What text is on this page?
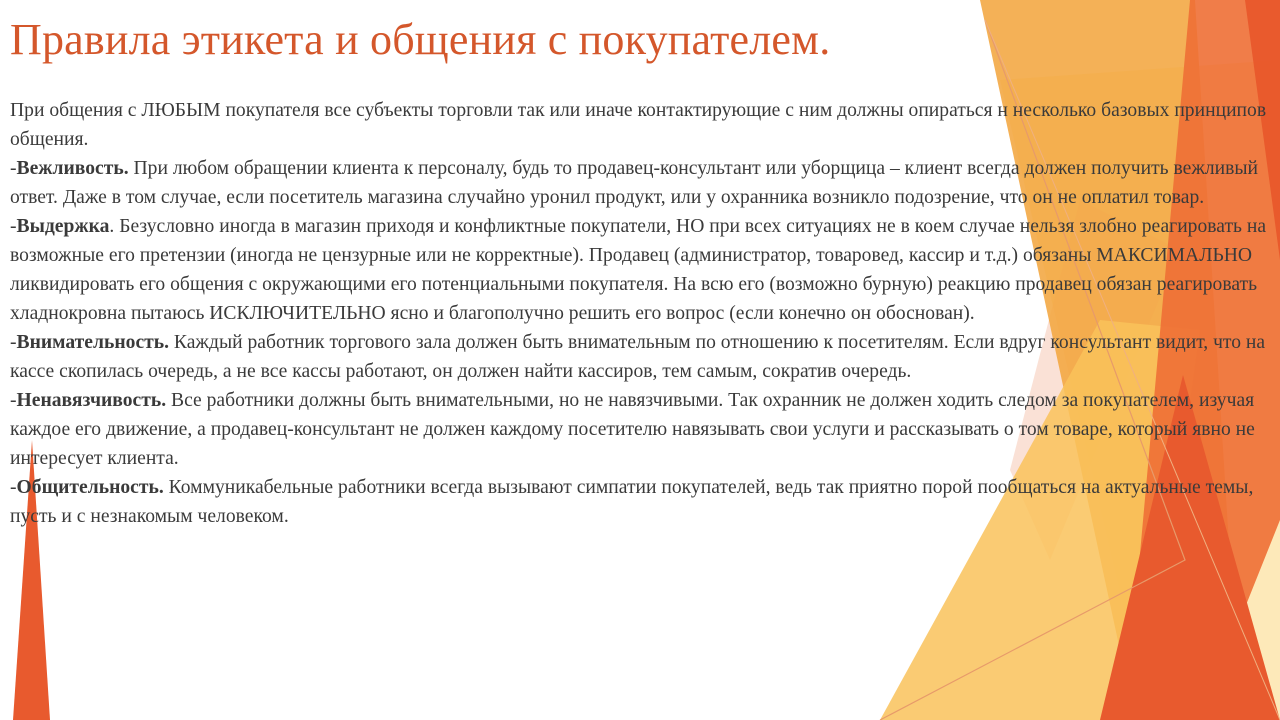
Правила этикета и общения с покупателем.

При общения с ЛЮБЫМ покупателя все субъекты торговли так или иначе контактирующие с ним должны опираться н несколько базовых принципов общения.

-Вежливость. При любом обращении клиента к персоналу, будь то продавец-консультант или уборщица – клиент всегда должен получить вежливый ответ. Даже в том случае, если посетитель магазина случайно уронил продукт, или у охранника возникло подозрение, что он не оплатил товар.

-Выдержка. Безусловно иногда в магазин приходя и конфликтные покупатели, НО при всех ситуациях не в коем случае нельзя злобно реагировать на возможные его претензии (иногда не цензурные или не корректные). Продавец (администратор, товаровед, кассир и т.д.) обязаны МАКСИМАЛЬНО ликвидировать его общения с окружающими его потенциальными покупателя. На всю его (возможно бурную) реакцию продавец обязан реагировать хладнокровна пытаюсь ИСКЛЮЧИТЕЛЬНО ясно и благополучно решить его вопрос (если конечно он обоснован).

-Внимательность. Каждый работник торгового зала должен быть внимательным по отношению к посетителям. Если вдруг консультант видит, что на кассе скопилась очередь, а не все кассы работают, он должен найти кассиров, тем самым, сократив очередь.

-Ненавязчивость. Все работники должны быть внимательными, но не навязчивыми. Так охранник не должен ходить следом за покупателем, изучая каждое его движение, а продавец-консультант не должен каждому посетителю навязывать свои услуги и рассказывать о том товаре, который явно не интересует клиента.

-Общительность. Коммуникабельные работники всегда вызывают симпатии покупателей, ведь так приятно порой пообщаться на актуальные темы, пусть и с незнакомым человеком.
